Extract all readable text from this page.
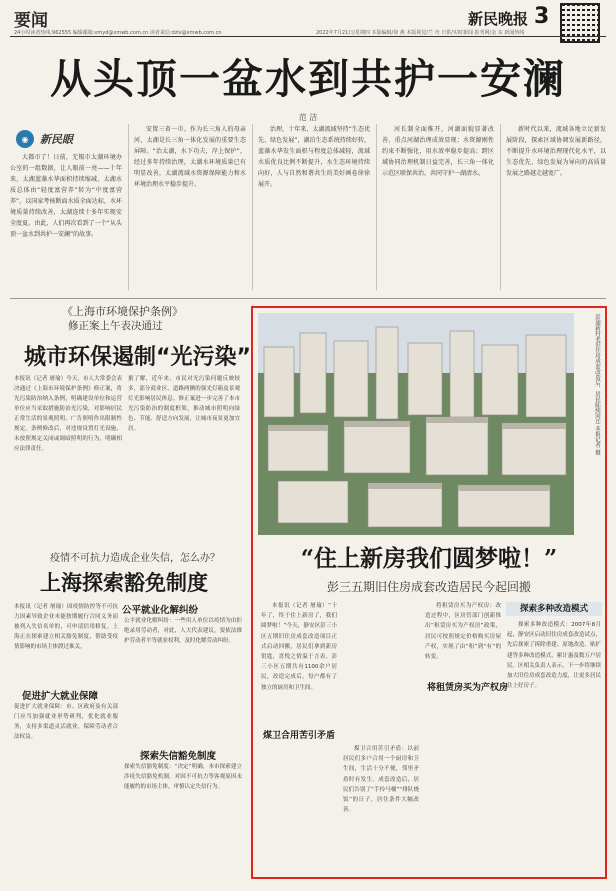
要闻	新民晚报 3
24小时读者热线:962555 编辑邮箱:xmyd@xmwb.com.cn 读者来信:dzlx@xmwb.com.cn	2022年7月21日/星期四 本版编辑/徐 燕 本版视觉/竺 舟 日供/实时新闻 报刊网/金 东 新闻热线
从头顶一盆水到共护一安澜
范 洁
◉	新民眼

大都市了！日前，无锡市太湖环境办公室的一组数据，让人眼前一亮——十年来，太湖蓝藻水华面积持续缩减，太湖水质总体由“轻度富营养”转为“中度富营养”，以国家考核断面水质全面达标，水环境质量持续改善，太湖连续十多年实现安全度夏。由此，人们再次看到了一个“从头顶一盆水到共护一安澜”的故事。

安置三省一市。作为长三角人的母亲河，太湖是长三角一体化发展的重要生态屏障。“治太湖，水下功夫，岸上保护”，经过多年持续治理，太湖水环境质量已有明显改善，太湖流域水资源保障能力和水环境治理水平稳步提升。

治理，十年来，太湖流域坚持“生态优先、绿色发展”，湖泊生态系统持续好转，蓝藻水华发生面积与程度总体减轻，流域水质优良比例不断提升，水生态环境持续向好，人与自然和谐共生的美好画卷徐徐展开。

河长制全面推开，河湖面貌显著改善，重点河湖治理成效显现；水资源刚性约束不断强化，用水效率稳步提高；跨区域协同治理机制日益完善，长三角一体化示范区联保共治，共同守护一湖清水。

新时代以来，流域各地立足新发展阶段，探索区域协调发展新路径，不断提升水环境治理现代化水平，以生态优先、绿色发展为导向的高质量发展之路越走越宽广。

《上海市环境保护条例》
修正案上午表决通过
城市环保遏制“光污染”
本报讯（记者 屠瑜）今天，市人大常委会表决通过《上海市环境保护条例》修正案，将光污染防治纳入条例，明确建设单位和运营单位应当采取措施防治光污染，对影响居民正常生活的景观照明、广告照明作出限制性规定。条例修改后，对违规设置灯光设施、未按照规定关闭或调暗照明的行为，明确相应法律责任。
据了解，近年来，市民对光污染问题反映较多，部分商业区、道路两侧的强光灯箱及景观灯光影响居民休息。修正案进一步完善了本市光污染防治的制度框架，推动城市照明向绿色、节能、舒适方向发展，让城市夜景更加宜居。
疫情不可抗力造成企业失信，怎么办？
上海探索豁免制度
公平就业化解纠纷
促进扩大就业保障
探索失信豁免制度
本报讯（记者 屠瑜）因疫情防控等不可抗力因素导致企业未能按期履行合同义务而被列入失信名单的，可申请信用修复。上海正在探索建立相关豁免制度，帮助受疫情影响的市场主体渡过难关。
促进扩大就业保障：市、区政府及有关部门应当加强就业形势研判，优化就业服务，支持多渠道灵活就业，保障劳动者合法权益。
公平就业化解纠纷：一些用人单位以疫情为由拒绝录用劳动者，对此，人大代表建议，要依法维护劳动者平等就业权利，及时化解劳动纠纷。
探索失信豁免制度：“决定”明确，本市探索建立涉疫失信豁免机制，对因不可抗力等客观原因未能履约的市场主体，审慎认定失信行为。
彭浦新村老旧住房成套改造后，居民陆续回迁 本报记者 摄
“住上新房我们圆梦啦！”
彭三五期旧住房成套改造居民今起回搬

本报讯（记者 屠瑜）“十年了，终于住上新房了，我们圆梦啦！”今天，静安区彭三小区五期旧住房成套改造项目正式启动回搬，居民们拿到新房钥匙，喜悦之情溢于言表。彭三小区五期共有1100余户居民，改造完成后，每户都有了独立的厨房和卫生间。

煤卫合用苦引矛盾

煤卫合用苦引矛盾：以前居民们多户合用一个厨房和卫生间，生活十分不便，邻里矛盾时有发生。成套改造后，居民们告别了“手拎马桶”“排队烧饭”的日子，居住条件大幅改善。

将租赁房买为产权房：改造过程中，区房管部门创新推出“租赁房买为产权房”政策，居民可按照规定价格购买房屋产权，实现了由“租”到“有”的转变。

将租赁房买为产权房
探索多种改造模式

探索多种改造模式：2007年8月起，静安区启动旧住房成套改造试点，先后探索了拆除重建、原地改造、贴扩建等多种改造模式，累计惠及数万户居民。区相关负责人表示，下一步将继续加大旧住房成套改造力度，让更多居民住上好房子。
